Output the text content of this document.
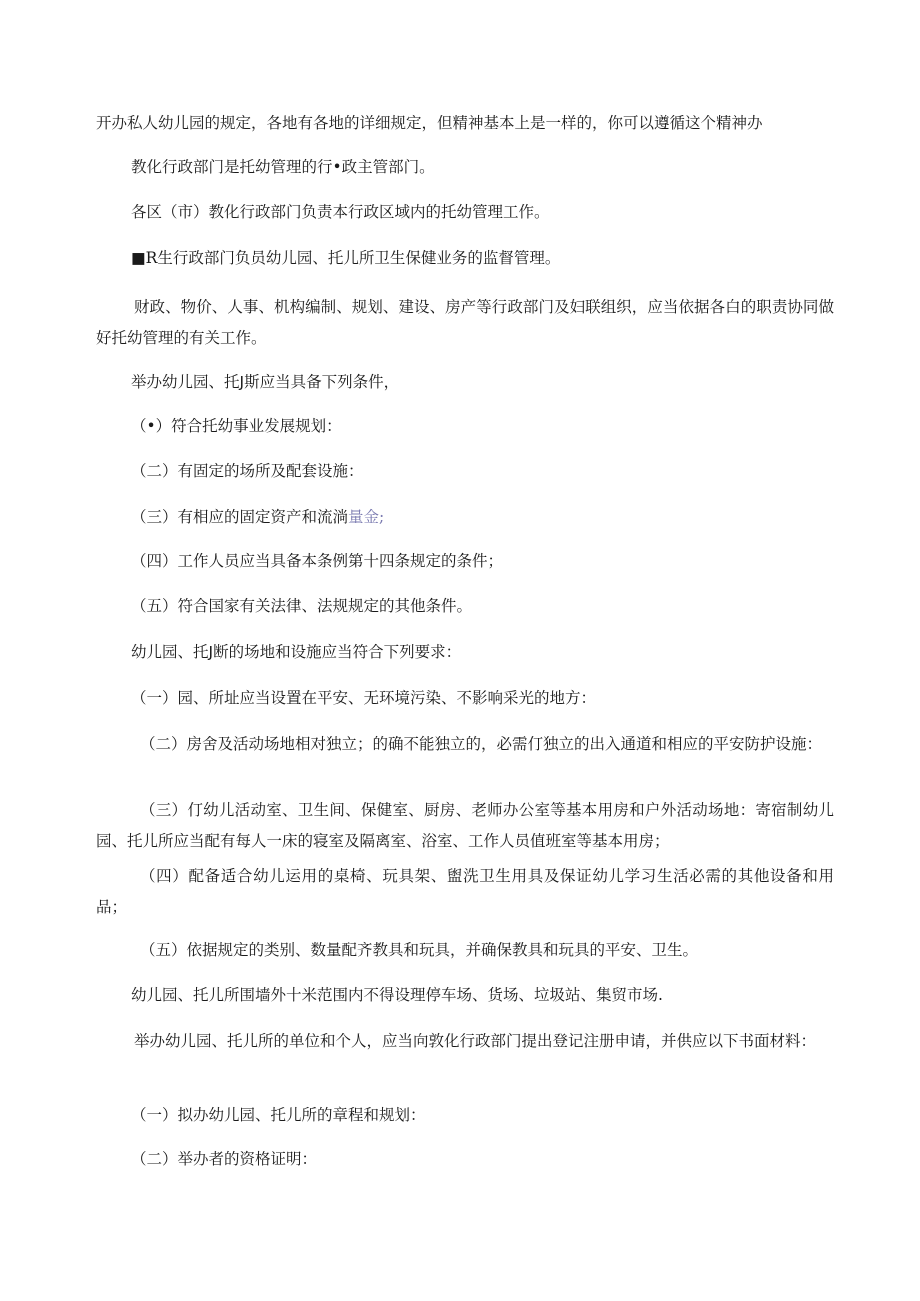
开办私人幼儿园的规定，各地有各地的详细规定，但精神基本上是一样的，你可以遵循这个精神办

教化行政部门是托幼管理的行•政主管部门。

各区（市）教化行政部门负责本行政区域内的托幼管理工作。

■R生行政部门负员幼儿园、托儿所卫生保健业务的监督管理。

财政、物价、人事、机构编制、规划、建设、房产等行政部门及妇联组织，应当依据各白的职责协同做好托幼管理的有关工作。

举办幼儿园、托J斯应当具备下列条件，

（•）符合托幼事业发展规划：

（二）有固定的场所及配套设施：

（三）有相应的固定资产和流淌量金;

（四）工作人员应当具备本条例第十四条规定的条件；

（五）符合国家有关法律、法规规定的其他条件。

幼儿园、托J断的场地和设施应当符合下列要求：

（一）园、所址应当设置在平安、无环境污染、不影响采光的地方：

（二）房舍及活动场地相对独立；的确不能独立的，必需仃独立的出入通道和相应的平安防护设施：

（三）仃幼儿活动室、卫生间、保健室、厨房、老师办公室等基本用房和户外活动场地：寄宿制幼儿园、托儿所应当配有每人一床的寝室及隔离室、浴室、工作人员值班室等基本用房；

（四）配备适合幼儿运用的桌椅、玩具架、盥洗卫生用具及保证幼儿学习生活必需的其他设备和用品；

（五）依据规定的类别、数量配齐教具和玩具，并确保教具和玩具的平安、卫生。

幼儿园、托儿所围墙外十米范围内不得设理停车场、货场、垃圾站、集贸市场.

举办幼儿园、托儿所的单位和个人，应当向敦化行政部门提出登记注册申请，并供应以下书面材料：

（一）拟办幼儿园、托儿所的章程和规划：

（二）举办者的资格证明：
